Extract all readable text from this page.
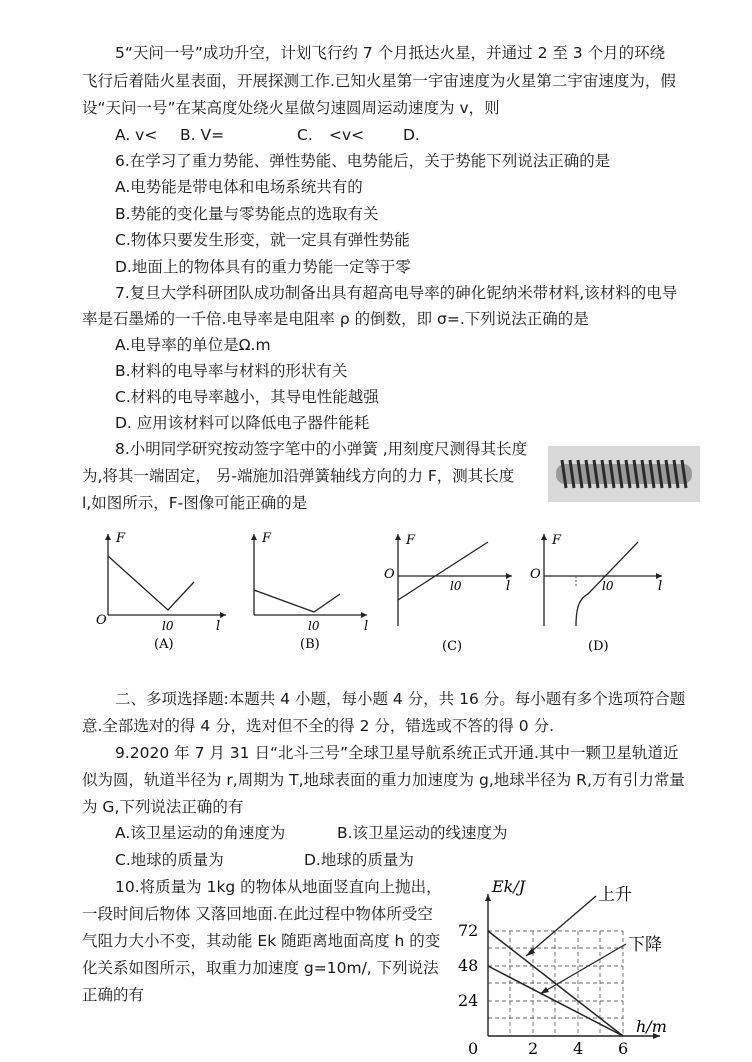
5“天问一号”成功升空，计划飞行约 7 个月抵达火星，并通过 2 至 3 个月的环绕
飞行后着陆火星表面，开展探测工作.已知火星第一宇宙速度为火星第二宇宙速度为，假
设“天问一号”在某高度处绕火星做匀速圆周运动速度为 v，则
A. v< B. V=	C. <v<	D.
6.在学习了重力势能、弹性势能、电势能后，关于势能下列说法正确的是
A.电势能是带电体和电场系统共有的
B.势能的变化量与零势能点的选取有关
C.物体只要发生形变，就一定具有弹性势能
D.地面上的物体具有的重力势能一定等于零
7.复旦大学科研团队成功制备出具有超高电导率的砷化铌纳米带材料,该材料的电导
率是石墨烯的一千倍.电导率是电阻率 ρ 的倒数，即 σ=.下列说法正确的是
A.电导率的单位是Ω.m
B.材料的电导率与材料的形状有关
C.材料的电导率越小，其导电性能越强
D. 应用该材料可以降低电子器件能耗
8.小明同学研究按动签字笔中的小弹簧 ,用刻度尺测得其长度
为,将其一端固定， 另-端施加沿弹簧轴线方向的力 F，测其长度
l,如图所示，F-图像可能正确的是
F
O	l0	l
(A)
F
l0	l
(B)
F
O
l0	l
(C)
F
O
l0	l
(D)
二、多项选择题:本题共 4 小题，每小题 4 分，共 16 分。每小题有多个选项符合题
意.全部选对的得 4 分，选对但不全的得 2 分，错选或不答的得 0 分.
9.2020 年 7 月 31 日“北斗三号”全球卫星导航系统正式开通.其中一颗卫星轨道近
似为圆，轨道半径为 r,周期为 T,地球表面的重力加速度为 g,地球半径为 R,万有引力常量
为 G,下列说法正确的有
A.该卫星运动的角速度为	B.该卫星运动的线速度为
C.地球的质量为	D.地球的质量为
10.将质量为 1kg 的物体从地面竖直向上抛出，
一段时间后物体 又落回地面.在此过程中物体所受空
气阻力大小不变，其动能 Ek 随距离地面高度 h 的变
化关系如图所示，取重力加速度 g=10m/, 下列说法
正确的有
Ek/J
h/m
72
48
24
0	2 4 6
上升
下降
